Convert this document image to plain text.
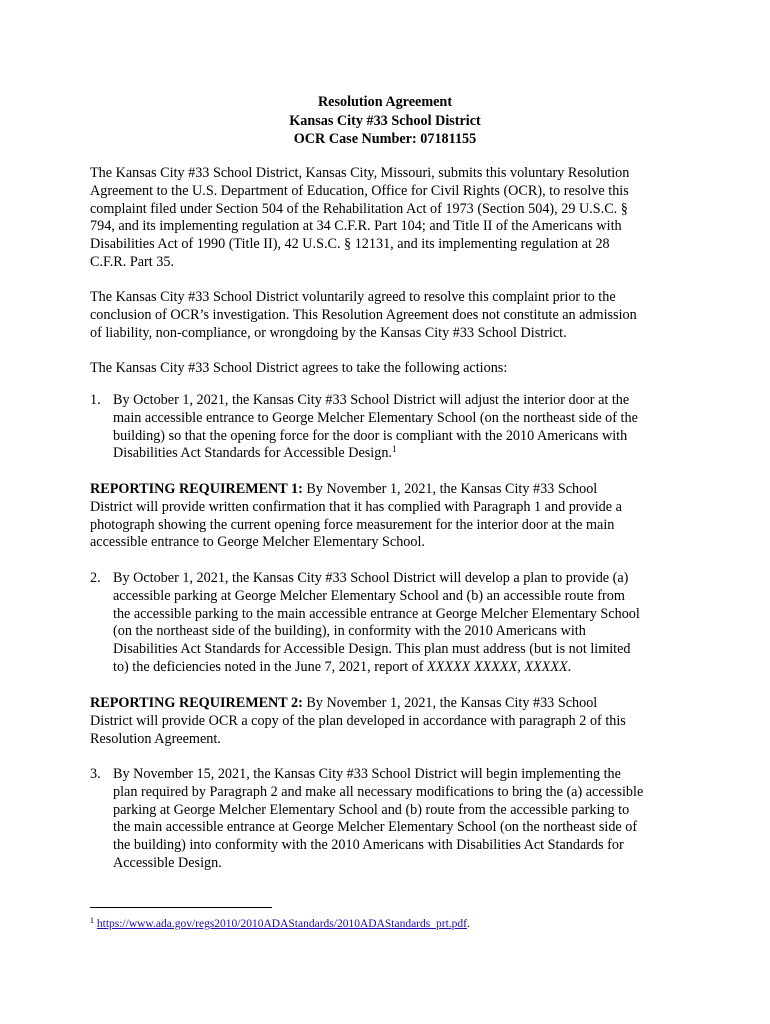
Resolution Agreement
Kansas City #33 School District
OCR Case Number: 07181155
The Kansas City #33 School District, Kansas City, Missouri, submits this voluntary Resolution
Agreement to the U.S. Department of Education, Office for Civil Rights (OCR), to resolve this
complaint filed under Section 504 of the Rehabilitation Act of 1973 (Section 504), 29 U.S.C. §
794, and its implementing regulation at 34 C.F.R. Part 104; and Title II of the Americans with
Disabilities Act of 1990 (Title II), 42 U.S.C. § 12131, and its implementing regulation at 28
C.F.R. Part 35.
The Kansas City #33 School District voluntarily agreed to resolve this complaint prior to the
conclusion of OCR’s investigation. This Resolution Agreement does not constitute an admission
of liability, non-compliance, or wrongdoing by the Kansas City #33 School District.
The Kansas City #33 School District agrees to take the following actions:
1. By October 1, 2021, the Kansas City #33 School District will adjust the interior door at the
main accessible entrance to George Melcher Elementary School (on the northeast side of the
building) so that the opening force for the door is compliant with the 2010 Americans with
Disabilities Act Standards for Accessible Design.$^1$
REPORTING REQUIREMENT 1: By November 1, 2021, the Kansas City #33 School
District will provide written confirmation that it has complied with Paragraph 1 and provide a
photograph showing the current opening force measurement for the interior door at the main
accessible entrance to George Melcher Elementary School.
2. By October 1, 2021, the Kansas City #33 School District will develop a plan to provide (a)
accessible parking at George Melcher Elementary School and (b) an accessible route from
the accessible parking to the main accessible entrance at George Melcher Elementary School
(on the northeast side of the building), in conformity with the 2010 Americans with
Disabilities Act Standards for Accessible Design. This plan must address (but is not limited
to) the deficiencies noted in the June 7, 2021, report of XXXXX XXXXX, XXXXX.
REPORTING REQUIREMENT 2: By November 1, 2021, the Kansas City #33 School
District will provide OCR a copy of the plan developed in accordance with paragraph 2 of this
Resolution Agreement.
3. By November 15, 2021, the Kansas City #33 School District will begin implementing the
plan required by Paragraph 2 and make all necessary modifications to bring the (a) accessible
parking at George Melcher Elementary School and (b) route from the accessible parking to
the main accessible entrance at George Melcher Elementary School (on the northeast side of
the building) into conformity with the 2010 Americans with Disabilities Act Standards for
Accessible Design.
$^1$ https://www.ada.gov/regs2010/2010ADAStandards/2010ADAStandards_prt.pdf.
